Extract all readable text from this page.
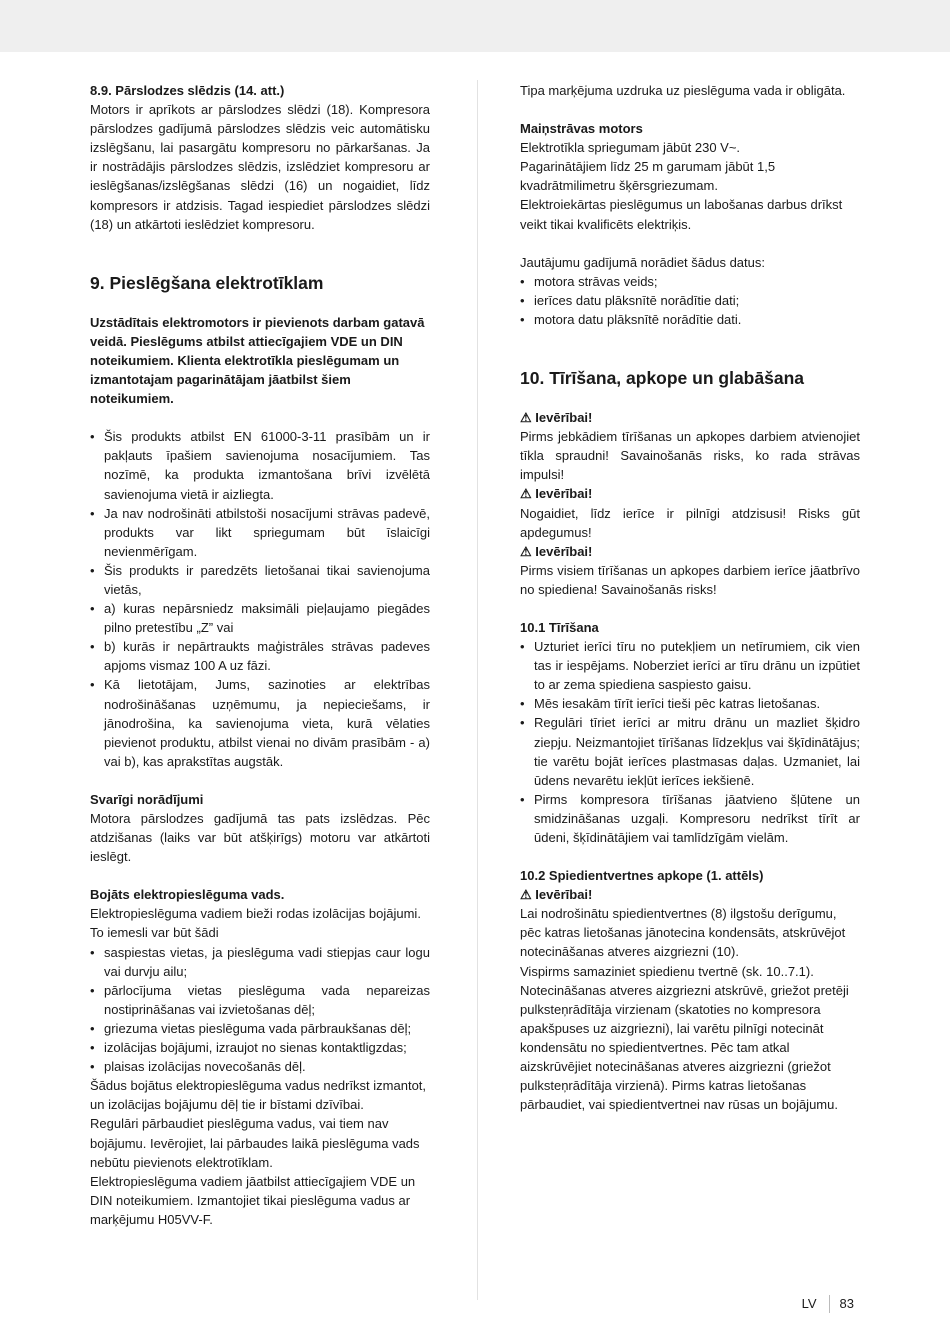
8.9. Pārslodzes slēdzis (14. att.)

Motors ir aprīkots ar pārslodzes slēdzi (18). Kompresora pārslodzes gadījumā pārslodzes slēdzis veic automātisku izslēgšanu, lai pasargātu kompresoru no pārkaršanas. Ja ir nostrādājis pārslodzes slēdzis, izslēdziet kompresoru ar ieslēgšanas/izslēgšanas slēdzi (16) un nogaidiet, līdz kompresors ir atdzisis. Tagad iespiediet pārslodzes slēdzi (18) un atkārtoti ieslēdziet kompresoru.

9. Pieslēgšana elektrotīklam

Uzstādītais elektromotors ir pievienots darbam gatavā veidā. Pieslēgums atbilst attiecīgajiem VDE un DIN noteikumiem. Klienta elektrotīkla pieslēgumam un izmantotajam pagarinātājam jāatbilst šiem noteikumiem.

• Šis produkts atbilst EN 61000-3-11 prasībām un ir pakļauts īpašiem savienojuma nosacījumiem. Tas nozīmē, ka produkta izmantošana brīvi izvēlētā savienojuma vietā ir aizliegta.
• Ja nav nodrošināti atbilstoši nosacījumi strāvas padevē, produkts var likt spriegumam būt īslaicīgi nevienmērīgam.
• Šis produkts ir paredzēts lietošanai tikai savienojuma vietās,
• a) kuras nepārsniedz maksimāli pieļaujamo piegādes pilno pretestību „Z” vai
• b) kurās ir nepārtraukts maģistrāles strāvas padeves apjoms vismaz 100 A uz fāzi.
• Kā lietotājam, Jums, sazinoties ar elektrības nodrošināšanas uzņēmumu, ja nepieciešams, ir jānodrošina, ka savienojuma vieta, kurā vēlaties pievienot produktu, atbilst vienai no divām prasībām - a) vai b), kas aprakstītas augstāk.

Svarīgi norādījumi

Motora pārslodzes gadījumā tas pats izslēdzas. Pēc atdzišanas (laiks var būt atšķirīgs) motoru var atkārtoti ieslēgt.

Bojāts elektropieslēguma vads.

Elektropieslēguma vadiem bieži rodas izolācijas bojājumi.

To iemesli var būt šādi

• saspiestas vietas, ja pieslēguma vadi stiepjas caur logu vai durvju ailu;
• pārlocījuma vietas pieslēguma vada nepareizas nostiprināšanas vai izvietošanas dēļ;
• griezuma vietas pieslēguma vada pārbraukšanas dēļ;
• izolācijas bojājumi, izraujot no sienas kontaktligzdas;
• plaisas izolācijas novecošanās dēļ.

Šādus bojātus elektropieslēguma vadus nedrīkst izmantot, un izolācijas bojājumu dēļ tie ir bīstami dzīvībai.

Regulāri pārbaudiet pieslēguma vadus, vai tiem nav bojājumu. Ievērojiet, lai pārbaudes laikā pieslēguma vads nebūtu pievienots elektrotīklam.

Elektropieslēguma vadiem jāatbilst attiecīgajiem VDE un DIN noteikumiem. Izmantojiet tikai pieslēguma vadus ar marķējumu H05VV-F.

Tipa marķējuma uzdruka uz pieslēguma vada ir obligāta.

Maiņstrāvas motors

Elektrotīkla spriegumam jābūt 230 V~.

Pagarinātājiem līdz 25 m garumam jābūt 1,5 kvadrātmilimetru šķērsgriezumam.

Elektroiekārtas pieslēgumus un labošanas darbus drīkst veikt tikai kvalificēts elektriķis.

Jautājumu gadījumā norādiet šādus datus:

• motora strāvas veids;
• ierīces datu plāksnītē norādītie dati;
• motora datu plāksnītē norādītie dati.

10. Tīrīšana, apkope un glabāšana

⚠ Ievērībai!

Pirms jebkādiem tīrīšanas un apkopes darbiem atvienojiet tīkla spraudni! Savainošanās risks, ko rada strāvas impulsi!

⚠ Ievērībai!

Nogaidiet, līdz ierīce ir pilnīgi atdzisusi! Risks gūt apdegumus!

⚠ Ievērībai!

Pirms visiem tīrīšanas un apkopes darbiem ierīce jāatbrīvo no spiediena! Savainošanās risks!

10.1 Tīrīšana

• Uzturiet ierīci tīru no putekļiem un netīrumiem, cik vien tas ir iespējams. Noberziet ierīci ar tīru drānu un izpūtiet to ar zema spiediena saspiesto gaisu.
• Mēs iesakām tīrīt ierīci tieši pēc katras lietošanas.
• Regulāri tīriet ierīci ar mitru drānu un mazliet šķidro ziepju. Neizmantojiet tīrīšanas līdzekļus vai šķīdinātājus; tie varētu bojāt ierīces plastmasas daļas. Uzmaniet, lai ūdens nevarētu iekļūt ierīces iekšienē.
• Pirms kompresora tīrīšanas jāatvieno šļūtene un smidzināšanas uzgaļi. Kompresoru nedrīkst tīrīt ar ūdeni, šķīdinātājiem vai tamlīdzīgām vielām.

10.2 Spiedientvertnes apkope (1. attēls)

⚠ Ievērībai!

Lai nodrošinātu spiedientvertnes (8) ilgstošu derīgumu, pēc katras lietošanas jānotecina kondensāts, atskrūvējot notecināšanas atveres aizgriezni (10).

Vispirms samaziniet spiedienu tvertnē (sk. 10..7.1). Notecināšanas atveres aizgriezni atskrūvē, griežot pretēji pulksteņrādītāja virzienam (skatoties no kompresora apakšpuses uz aizgriezni), lai varētu pilnīgi notecināt kondensātu no spiedientvertnes. Pēc tam atkal aizskrūvējiet notecināšanas atveres aizgriezni (griežot pulksteņrādītāja virzienā). Pirms katras lietošanas pārbaudiet, vai spiedientvertnei nav rūsas un bojājumu.

LV 83
